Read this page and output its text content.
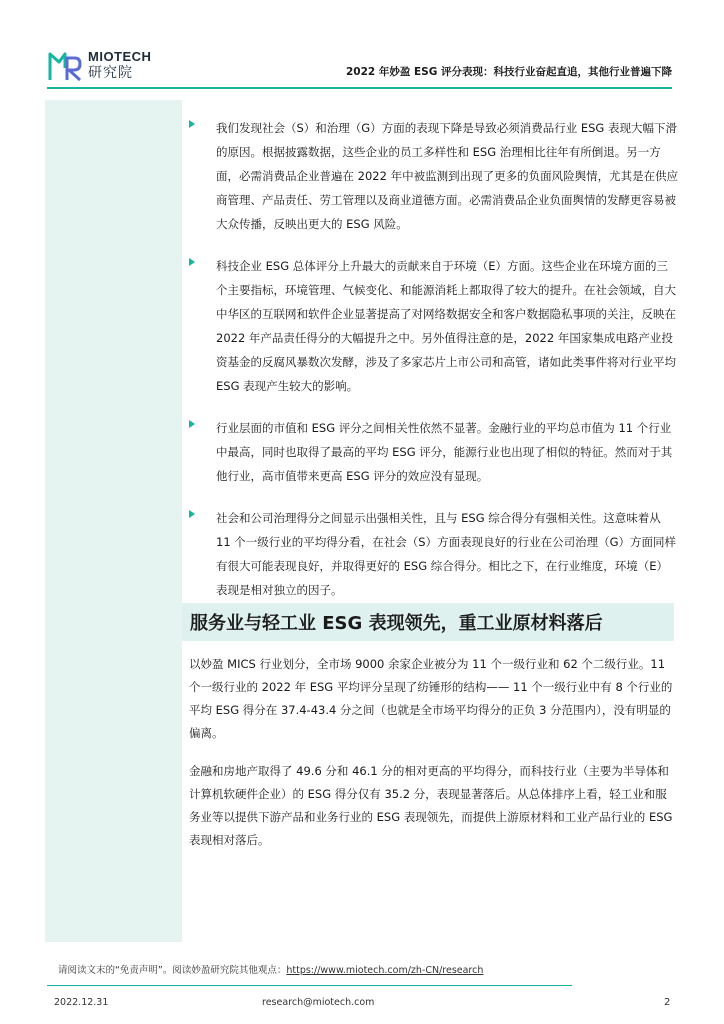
MIOTECH
研究院	2022 年妙盈 ESG 评分表现：科技行业奋起直追，其他行业普遍下降

我们发现社会（S）和治理（G）方面的表现下降是导致必须消费品行业 ESG 表现大幅下滑的原因。根据披露数据，这些企业的员工多样性和 ESG 治理相比往年有所倒退。另一方面，必需消费品企业普遍在 2022 年中被监测到出现了更多的负面风险舆情，尤其是在供应商管理、产品责任、劳工管理以及商业道德方面。必需消费品企业负面舆情的发酵更容易被大众传播，反映出更大的 ESG 风险。

科技企业 ESG 总体评分上升最大的贡献来自于环境（E）方面。这些企业在环境方面的三个主要指标，环境管理、气候变化、和能源消耗上都取得了较大的提升。在社会领域，自大中华区的互联网和软件企业显著提高了对网络数据安全和客户数据隐私事项的关注，反映在 2022 年产品责任得分的大幅提升之中。另外值得注意的是，2022 年国家集成电路产业投资基金的反腐风暴数次发酵，涉及了多家芯片上市公司和高管，诸如此类事件将对行业平均 ESG 表现产生较大的影响。

行业层面的市值和 ESG 评分之间相关性依然不显著。金融行业的平均总市值为 11 个行业中最高，同时也取得了最高的平均 ESG 评分，能源行业也出现了相似的特征。然而对于其他行业，高市值带来更高 ESG 评分的效应没有显现。

社会和公司治理得分之间显示出强相关性，且与 ESG 综合得分有强相关性。这意味着从 11 个一级行业的平均得分看，在社会（S）方面表现良好的行业在公司治理（G）方面同样有很大可能表现良好，并取得更好的 ESG 综合得分。相比之下，在行业维度，环境（E）表现是相对独立的因子。

服务业与轻工业 ESG 表现领先，重工业原材料落后

以妙盈 MICS 行业划分，全市场 9000 余家企业被分为 11 个一级行业和 62 个二级行业。11 个一级行业的 2022 年 ESG 平均评分呈现了纺锤形的结构—— 11 个一级行业中有 8 个行业的平均 ESG 得分在 37.4-43.4 分之间（也就是全市场平均得分的正负 3 分范围内），没有明显的偏离。

金融和房地产取得了 49.6 分和 46.1 分的相对更高的平均得分，而科技行业（主要为半导体和计算机软硬件企业）的 ESG 得分仅有 35.2 分，表现显著落后。从总体排序上看，轻工业和服务业等以提供下游产品和业务行业的 ESG 表现领先，而提供上游原材料和工业产品行业的 ESG 表现相对落后。

请阅读文末的“免责声明”。阅读妙盈研究院其他观点：https://www.miotech.com/zh-CN/research
2022.12.31	research@miotech.com	2
